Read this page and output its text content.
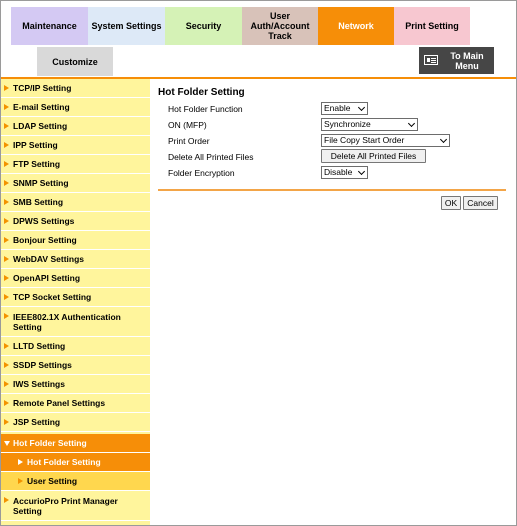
Maintenance	System Settings	Security
User Auth/Account Track
Network	Print Setting
Customize
To Main Menu
TCP/IP Setting
E-mail Setting
LDAP Setting
IPP Setting
FTP Setting
SNMP Setting
SMB Setting
DPWS Settings
Bonjour Setting
WebDAV Settings
OpenAPI Setting
TCP Socket Setting
IEEE802.1X Authentication Setting
LLTD Setting
SSDP Settings
IWS Settings
Remote Panel Settings
JSP Setting
Hot Folder Setting
Hot Folder Setting
User Setting
AccurioPro Print Manager Setting
Hot Folder Setting
Hot Folder Function	Enable
ON (MFP)	Synchronize
Print Order	File Copy Start Order
Delete All Printed Files	Delete All Printed Files
Folder Encryption	Disable
OK	Cancel
